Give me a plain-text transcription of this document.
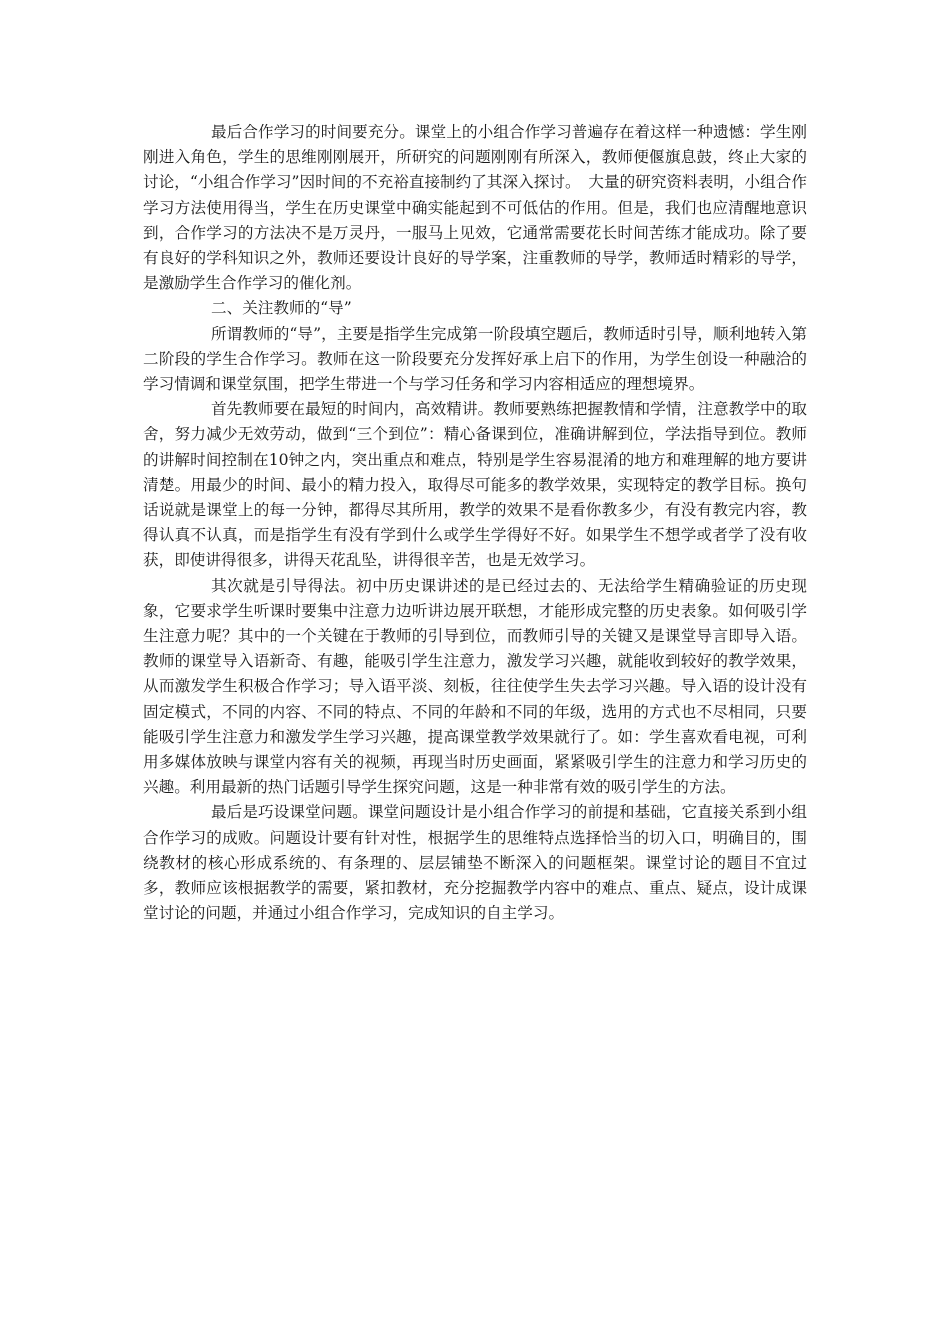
最后合作学习的时间要充分。课堂上的小组合作学习普遍存在着这样一种遗憾：学生刚刚进入角色，学生的思维刚刚展开，所研究的问题刚刚有所深入，教师便偃旗息鼓，终止大家的讨论，“小组合作学习”因时间的不充裕直接制约了其深入探讨。　大量的研究资料表明，小组合作学习方法使用得当，学生在历史课堂中确实能起到不可低估的作用。但是，我们也应清醒地意识到，合作学习的方法决不是万灵丹，一服马上见效，它通常需要花长时间苦练才能成功。除了要有良好的学科知识之外，教师还要设计良好的导学案，注重教师的导学，教师适时精彩的导学，是激励学生合作学习的催化剂。

二、关注教师的“导”

所谓教师的“导”，主要是指学生完成第一阶段填空题后，教师适时引导，顺利地转入第二阶段的学生合作学习。教师在这一阶段要充分发挥好承上启下的作用，为学生创设一种融洽的学习情调和课堂氛围，把学生带进一个与学习任务和学习内容相适应的理想境界。

首先教师要在最短的时间内，高效精讲。教师要熟练把握教情和学情，注意教学中的取舍，努力减少无效劳动，做到“三个到位”：精心备课到位，准确讲解到位，学法指导到位。教师的讲解时间控制在10钟之内，突出重点和难点，特别是学生容易混淆的地方和难理解的地方要讲清楚。用最少的时间、最小的精力投入，取得尽可能多的教学效果，实现特定的教学目标。换句话说就是课堂上的每一分钟，都得尽其所用，教学的效果不是看你教多少，有没有教完内容，教得认真不认真，而是指学生有没有学到什么或学生学得好不好。如果学生不想学或者学了没有收获，即使讲得很多，讲得天花乱坠，讲得很辛苦，也是无效学习。

其次就是引导得法。初中历史课讲述的是已经过去的、无法给学生精确验证的历史现象，它要求学生听课时要集中注意力边听讲边展开联想，才能形成完整的历史表象。如何吸引学生注意力呢？其中的一个关键在于教师的引导到位，而教师引导的关键又是课堂导言即导入语。教师的课堂导入语新奇、有趣，能吸引学生注意力，激发学习兴趣，就能收到较好的教学效果，从而激发学生积极合作学习；导入语平淡、刻板，往往使学生失去学习兴趣。导入语的设计没有固定模式，不同的内容、不同的特点、不同的年龄和不同的年级，选用的方式也不尽相同，只要能吸引学生注意力和激发学生学习兴趣，提高课堂教学效果就行了。如：学生喜欢看电视，可利用多媒体放映与课堂内容有关的视频，再现当时历史画面，紧紧吸引学生的注意力和学习历史的兴趣。利用最新的热门话题引导学生探究问题，这是一种非常有效的吸引学生的方法。

最后是巧设课堂问题。课堂问题设计是小组合作学习的前提和基础，它直接关系到小组合作学习的成败。问题设计要有针对性，根据学生的思维特点选择恰当的切入口，明确目的，围绕教材的核心形成系统的、有条理的、层层铺垫不断深入的问题框架。课堂讨论的题目不宜过多，教师应该根据教学的需要，紧扣教材，充分挖掘教学内容中的难点、重点、疑点，设计成课堂讨论的问题，并通过小组合作学习，完成知识的自主学习。
